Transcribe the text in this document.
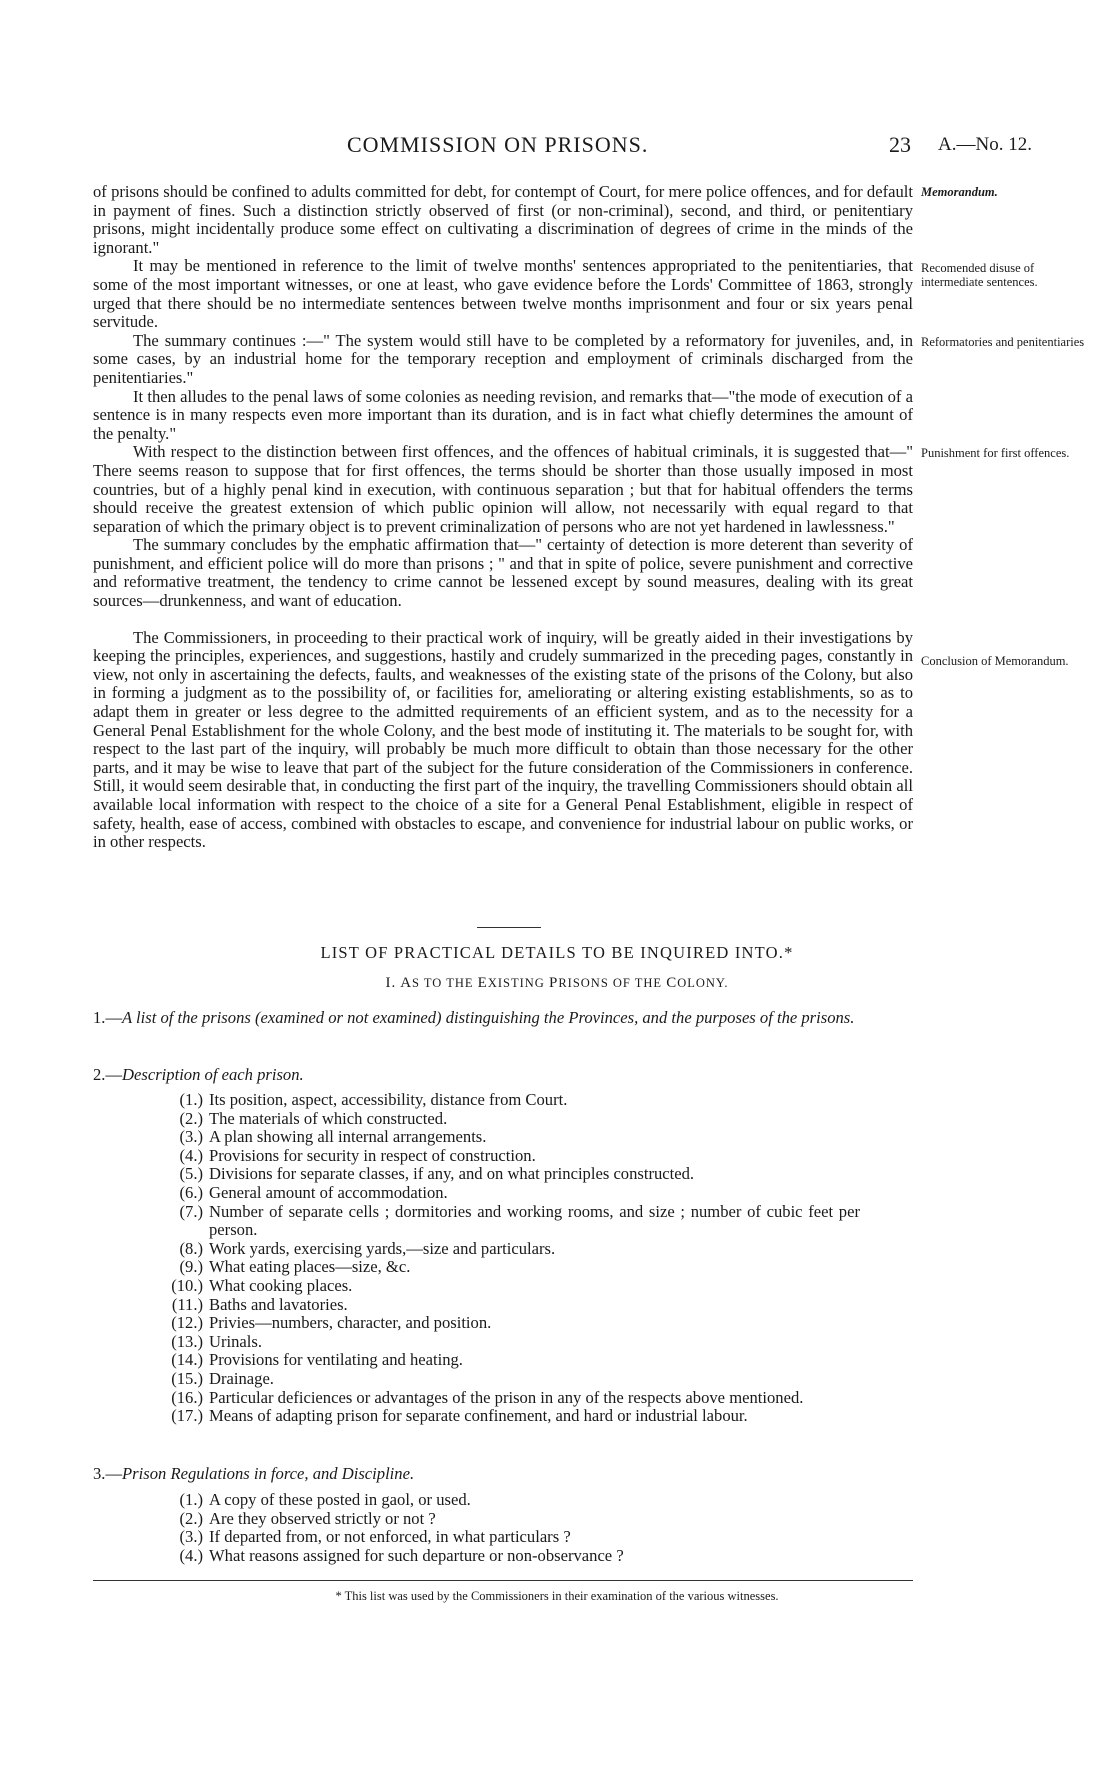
COMMISSION ON PRISONS.	23 A.—No. 12.

of prisons should be confined to adults committed for debt, for contempt of Court, for mere police offences, and for default in payment of fines. Such a distinction strictly observed of first (or non-criminal), second, and third, or penitentiary prisons, might incidentally produce some effect on cultivating a discrimination of degrees of crime in the minds of the ignorant."

It may be mentioned in reference to the limit of twelve months' sentences appropriated to the penitentiaries, that some of the most important witnesses, or one at least, who gave evidence before the Lords' Committee of 1863, strongly urged that there should be no intermediate sentences between twelve months imprisonment and four or six years penal servitude.

The summary continues :—" The system would still have to be completed by a reformatory for juveniles, and, in some cases, by an industrial home for the temporary reception and employment of criminals discharged from the penitentiaries."

It then alludes to the penal laws of some colonies as needing revision, and remarks that—"the mode of execution of a sentence is in many respects even more important than its duration, and is in fact what chiefly determines the amount of the penalty."

With respect to the distinction between first offences, and the offences of habitual criminals, it is suggested that—" There seems reason to suppose that for first offences, the terms should be shorter than those usually imposed in most countries, but of a highly penal kind in execution, with continuous separation ; but that for habitual offenders the terms should receive the greatest extension of which public opinion will allow, not necessarily with equal regard to that separation of which the primary object is to prevent criminalization of persons who are not yet hardened in lawlessness."

The summary concludes by the emphatic affirmation that—" certainty of detection is more deterent than severity of punishment, and efficient police will do more than prisons ; " and that in spite of police, severe punishment and corrective and reformative treatment, the tendency to crime cannot be lessened except by sound measures, dealing with its great sources—drunkenness, and want of education.

The Commissioners, in proceeding to their practical work of inquiry, will be greatly aided in their investigations by keeping the principles, experiences, and suggestions, hastily and crudely summarized in the preceding pages, constantly in view, not only in ascertaining the defects, faults, and weaknesses of the existing state of the prisons of the Colony, but also in forming a judgment as to the possibility of, or facilities for, ameliorating or altering existing establishments, so as to adapt them in greater or less degree to the admitted requirements of an efficient system, and as to the necessity for a General Penal Establishment for the whole Colony, and the best mode of instituting it. The materials to be sought for, with respect to the last part of the inquiry, will probably be much more difficult to obtain than those necessary for the other parts, and it may be wise to leave that part of the subject for the future consideration of the Commissioners in conference. Still, it would seem desirable that, in conducting the first part of the inquiry, the travelling Commissioners should obtain all available local information with respect to the choice of a site for a General Penal Establishment, eligible in respect of safety, health, ease of access, combined with obstacles to escape, and convenience for industrial labour on public works, or in other respects.

Memorandum.
Recomended disuse of intermediate sentences.
Reformatories and penitentiaries
Punishment for first offences.
Conclusion of Memorandum.
LIST OF PRACTICAL DETAILS TO BE INQUIRED INTO.*
I. AS TO THE EXISTING PRISONS OF THE COLONY.
1.—A list of the prisons (examined or not examined) distinguishing the Provinces, and the purposes of the prisons.
2.—Description of each prison.
(1.) Its position, aspect, accessibility, distance from Court.
(2.) The materials of which constructed.
(3.) A plan showing all internal arrangements.
(4.) Provisions for security in respect of construction.
(5.) Divisions for separate classes, if any, and on what principles constructed.
(6.) General amount of accommodation.
(7.) Number of separate cells ; dormitories and working rooms, and size ; number of cubic feet per person.
(8.) Work yards, exercising yards,—size and particulars.
(9.) What eating places—size, &c.
(10.) What cooking places.
(11.) Baths and lavatories.
(12.) Privies—numbers, character, and position.
(13.) Urinals.
(14.) Provisions for ventilating and heating.
(15.) Drainage.
(16.) Particular deficiences or advantages of the prison in any of the respects above mentioned.
(17.) Means of adapting prison for separate confinement, and hard or industrial labour.
3.—Prison Regulations in force, and Discipline.
(1.) A copy of these posted in gaol, or used.
(2.) Are they observed strictly or not ?
(3.) If departed from, or not enforced, in what particulars ?
(4.) What reasons assigned for such departure or non-observance ?
* This list was used by the Commissioners in their examination of the various witnesses.
